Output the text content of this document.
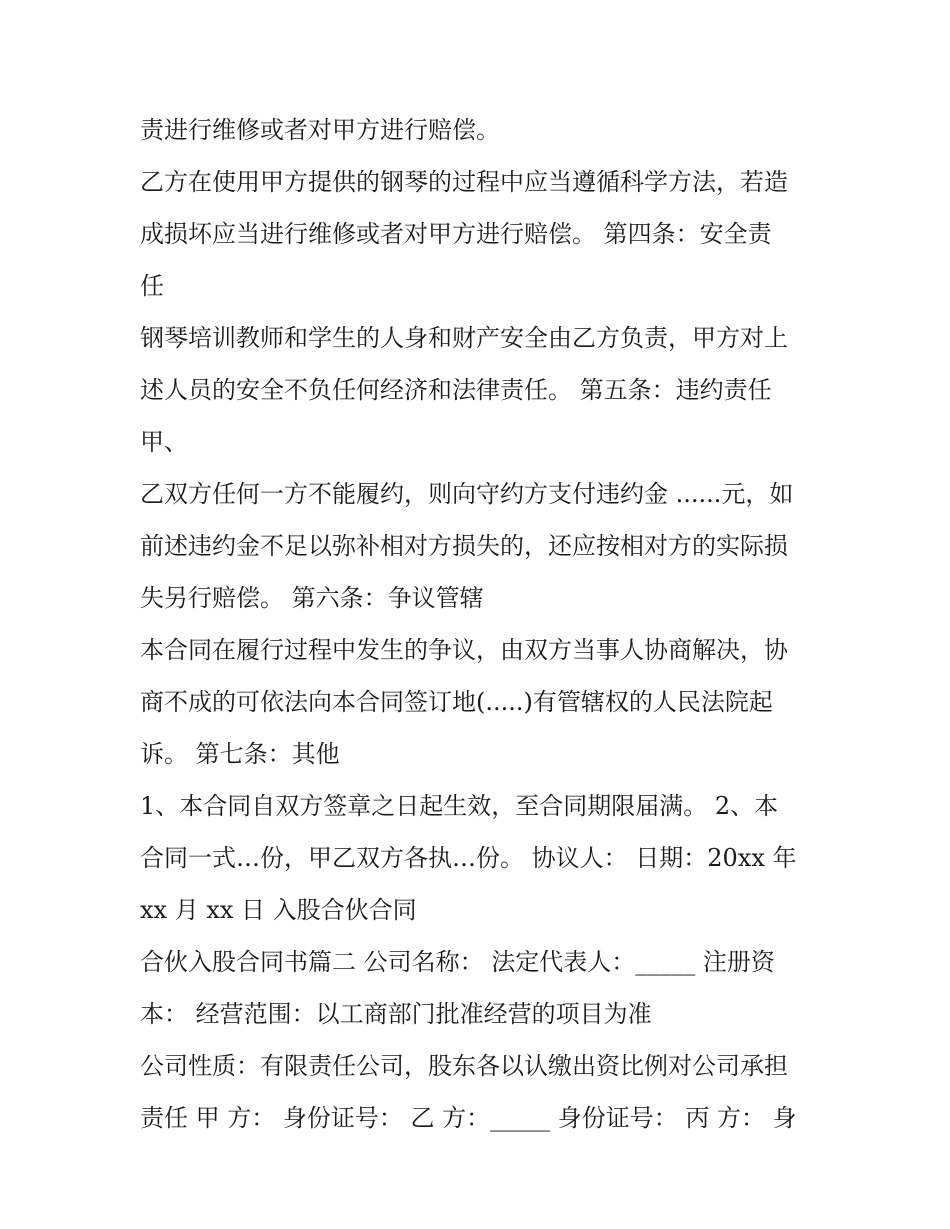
责进行维修或者对甲方进行赔偿。
乙方在使用甲方提供的钢琴的过程中应当遵循科学方法，若造
成损坏应当进行维修或者对甲方进行赔偿。 第四条：安全责
任
钢琴培训教师和学生的人身和财产安全由乙方负责，甲方对上
述人员的安全不负任何经济和法律责任。 第五条：违约责任
甲、
乙双方任何一方不能履约，则向守约方支付违约金 ......元，如
前述违约金不足以弥补相对方损失的，还应按相对方的实际损
失另行赔偿。 第六条：争议管辖
本合同在履行过程中发生的争议，由双方当事人协商解决，协
商不成的可依法向本合同签订地(.....)有管辖权的人民法院起
诉。 第七条：其他
1、本合同自双方签章之日起生效，至合同期限届满。 2、本
合同一式…份，甲乙双方各执…份。 协议人： 日期：20xx 年
xx 月 xx 日 入股合伙合同
合伙入股合同书篇二 公司名称： 法定代表人：_____ 注册资
本： 经营范围：以工商部门批准经营的项目为准
公司性质：有限责任公司，股东各以认缴出资比例对公司承担
责任 甲 方： 身份证号： 乙 方：_____ 身份证号： 丙 方： 身
